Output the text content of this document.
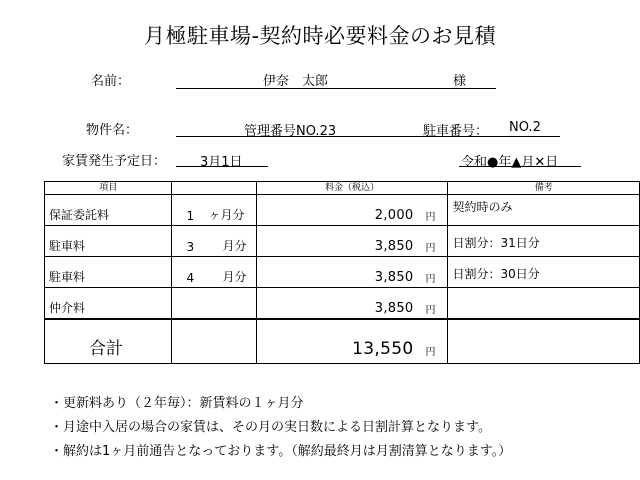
月極駐車場-契約時必要料金のお見積
名前：	伊奈　太郎	様
物件名：	管理番号NO.23	駐車番号： NO.2
家賃発生予定日：	3月1日	令和●年▲月✕日
項目		料金（税込）	備考

保証委託料	1 ヶ月分	2,000 円	契約時のみ

駐車料	3 月分	3,850 円	日割分：31日分

駐車料	4 月分	3,850 円	日割分：30日分

仲介料		3,850 円	

合計		13,550 円	

・更新料あり（２年毎）：新賃料の１ヶ月分
・月途中入居の場合の家賃は、その月の実日数による日割計算となります。
・解約は1ヶ月前通告となっております。（解約最終月は月割清算となります。）
